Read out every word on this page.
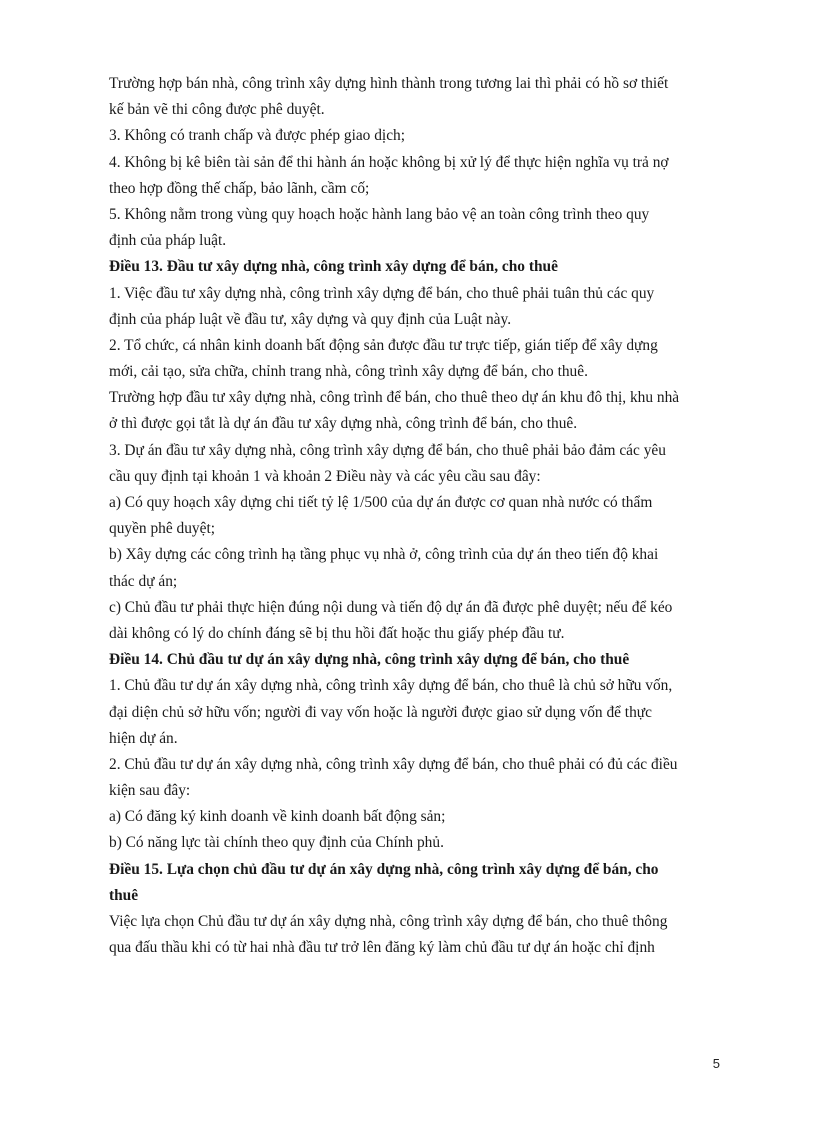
Trường hợp bán nhà, công trình xây dựng hình thành trong tương lai thì phải có hồ sơ thiết

kế bản vẽ thi công được phê duyệt.

3. Không có tranh chấp và được phép giao dịch;

4. Không bị kê biên tài sản để thi hành án hoặc không bị xử lý để thực hiện nghĩa vụ trả nợ

theo hợp đồng thế chấp, bảo lãnh, cầm cố;

5. Không nằm trong vùng quy hoạch hoặc hành lang bảo vệ an toàn công trình theo quy

định của pháp luật.

Điều 13. Đầu tư xây dựng nhà, công trình xây dựng để bán, cho thuê

1. Việc đầu tư xây dựng nhà, công trình xây dựng để bán, cho thuê phải tuân thủ các quy

định của pháp luật về đầu tư, xây dựng và quy định của Luật này.

2. Tổ chức, cá nhân kinh doanh bất động sản được đầu tư trực tiếp, gián tiếp để xây dựng

mới, cải tạo, sửa chữa, chỉnh trang nhà, công trình xây dựng để bán, cho thuê.

Trường hợp đầu tư xây dựng nhà, công trình để bán, cho thuê theo dự án khu đô thị, khu nhà

ở thì được gọi tắt là dự án đầu tư xây dựng nhà, công trình để bán, cho thuê.

3. Dự án đầu tư xây dựng nhà, công trình xây dựng để bán, cho thuê phải bảo đảm các yêu

cầu quy định tại khoản 1 và khoản 2 Điều này và các yêu cầu sau đây:

a) Có quy hoạch xây dựng chi tiết tỷ lệ 1/500 của dự án được cơ quan nhà nước có thẩm

quyền phê duyệt;

b) Xây dựng các công trình hạ tầng phục vụ nhà ở, công trình của dự án theo tiến độ khai

thác dự án;

c) Chủ đầu tư phải thực hiện đúng nội dung và tiến độ dự án đã được phê duyệt; nếu để kéo

dài không có lý do chính đáng sẽ bị thu hồi đất hoặc thu giấy phép đầu tư.

Điều 14. Chủ đầu tư dự án xây dựng nhà, công trình xây dựng để bán, cho thuê

1. Chủ đầu tư dự án xây dựng nhà, công trình xây dựng để bán, cho thuê là chủ sở hữu vốn,

đại diện chủ sở hữu vốn; người đi vay vốn hoặc là người được giao sử dụng vốn để thực

hiện dự án.

2. Chủ đầu tư dự án xây dựng nhà, công trình xây dựng để bán, cho thuê phải có đủ các điều

kiện sau đây:

a) Có đăng ký kinh doanh về kinh doanh bất động sản;

b) Có năng lực tài chính theo quy định của Chính phủ.

Điều 15. Lựa chọn chủ đầu tư dự án xây dựng nhà, công trình xây dựng để bán, cho

thuê

Việc lựa chọn Chủ đầu tư dự án xây dựng nhà, công trình xây dựng để bán, cho thuê thông

qua đấu thầu khi có từ hai nhà đầu tư trở lên đăng ký làm chủ đầu tư dự án hoặc chỉ định

5
